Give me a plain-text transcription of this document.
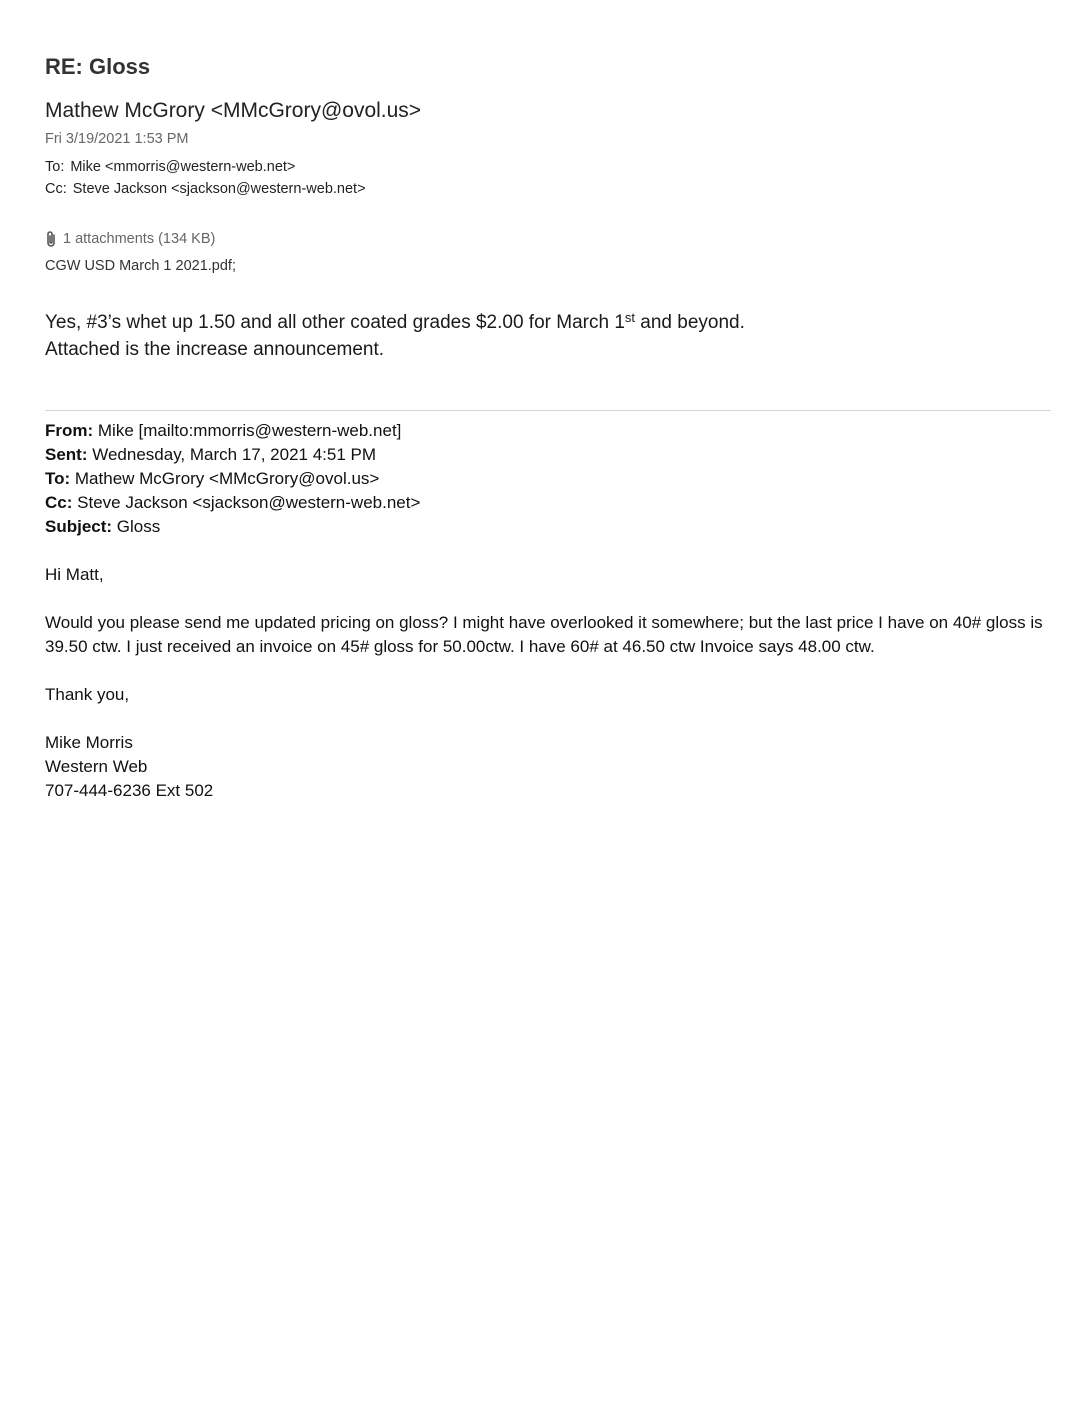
RE: Gloss
Mathew McGrory <MMcGrory@ovol.us>
Fri 3/19/2021 1:53 PM
To: Mike <mmorris@western-web.net>
Cc: Steve Jackson <sjackson@western-web.net>
1 attachments (134 KB)
CGW USD March 1 2021.pdf;
Yes, #3’s whet up 1.50 and all other coated grades $2.00 for March 1st and beyond.
Attached is the increase announcement.
From: Mike [mailto:mmorris@western-web.net]
Sent: Wednesday, March 17, 2021 4:51 PM
To: Mathew McGrory <MMcGrory@ovol.us>
Cc: Steve Jackson <sjackson@western-web.net>
Subject: Gloss

Hi Matt,

Would you please send me updated pricing on gloss? I might have overlooked it somewhere; but the last price I have on 40# gloss is 39.50 ctw. I just received an invoice on 45# gloss for 50.00ctw. I have 60# at 46.50 ctw Invoice says 48.00 ctw.

Thank you,

Mike Morris

Western Web

707-444-6236 Ext 502
